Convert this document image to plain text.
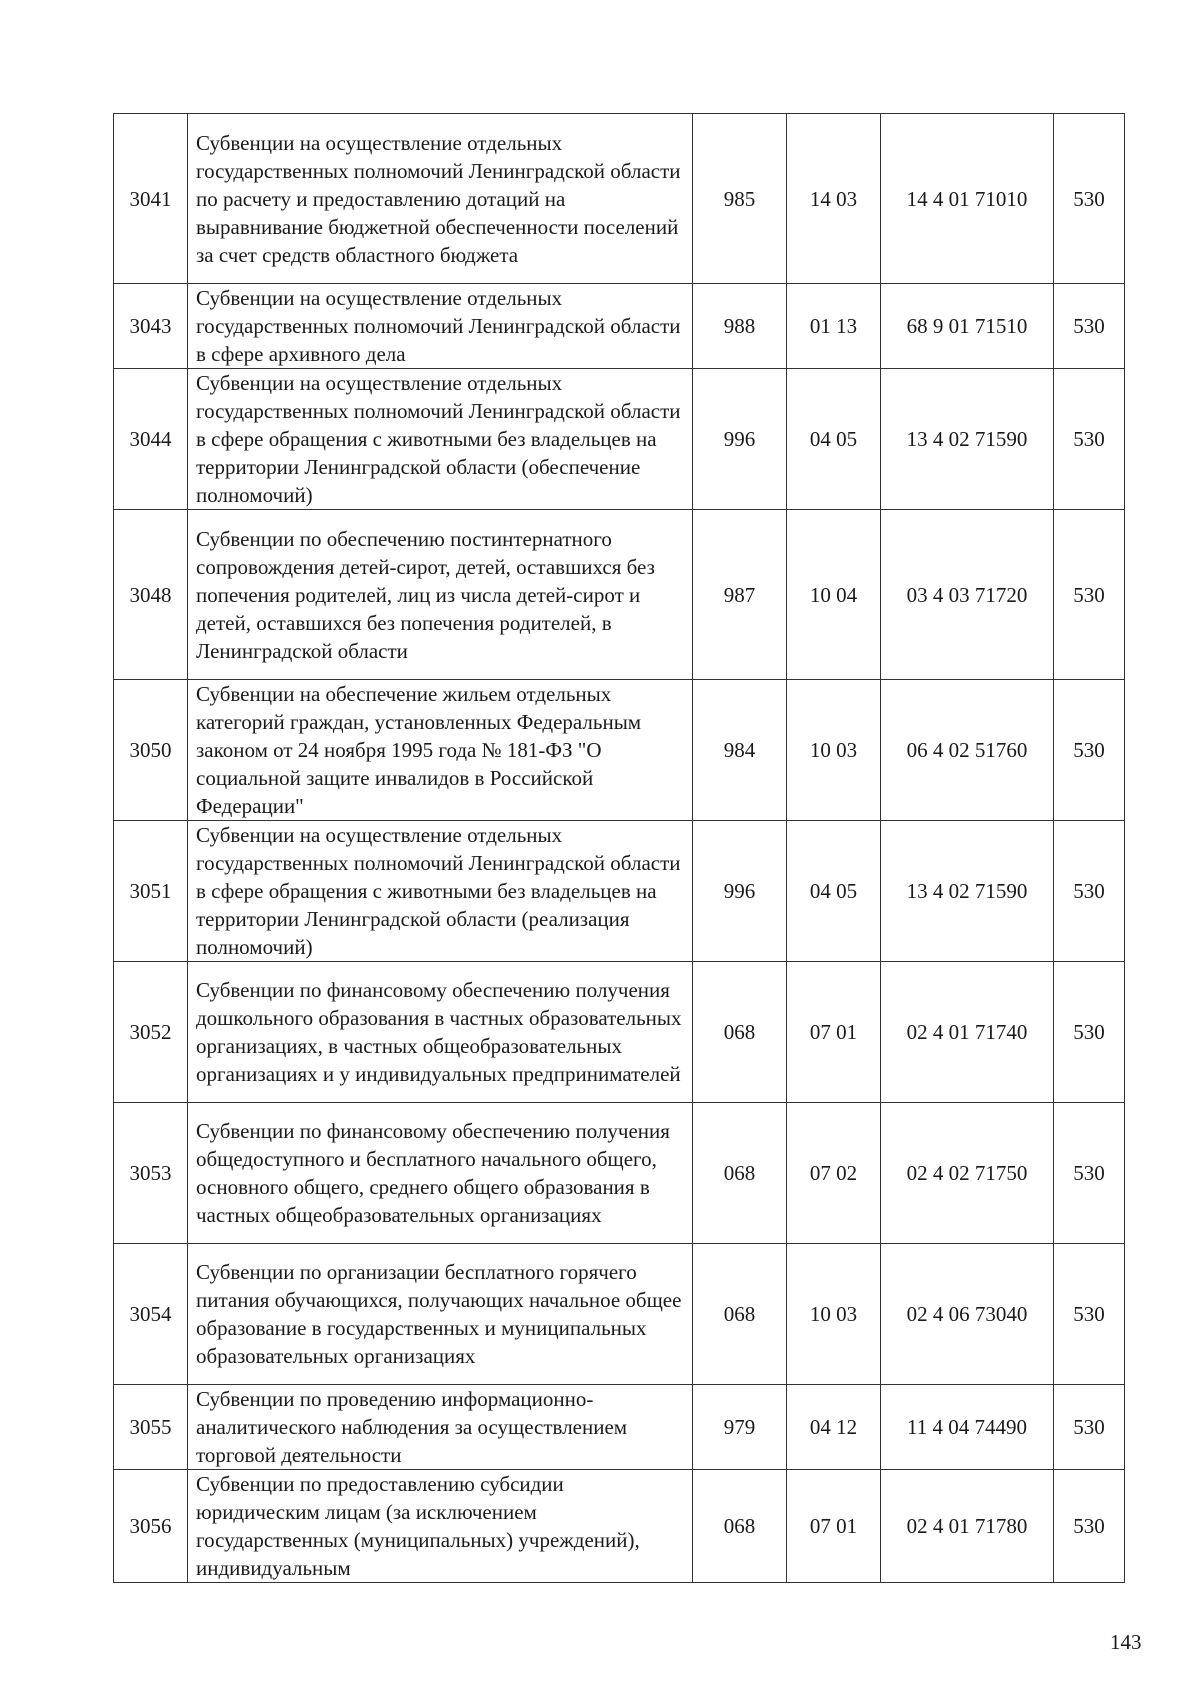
3041	Субвенции на осуществление отдельных государственных полномочий Ленинградской области по расчету и предоставлению дотаций на выравнивание бюджетной обеспеченности поселений за счет средств областного бюджета	985	14 03	14 4 01 71010	530
3043	Субвенции на осуществление отдельных государственных полномочий Ленинградской области в сфере архивного дела	988	01 13	68 9 01 71510	530
3044	Субвенции на осуществление отдельных государственных полномочий Ленинградской области в сфере обращения с животными без владельцев на территории Ленинградской области (обеспечение полномочий)	996	04 05	13 4 02 71590	530
3048	Субвенции по обеспечению постинтернатного сопровождения детей-сирот, детей, оставшихся без попечения родителей, лиц из числа детей-сирот и детей, оставшихся без попечения родителей, в Ленинградской области	987	10 04	03 4 03 71720	530
3050	Субвенции на обеспечение жильем отдельных категорий граждан, установленных Федеральным законом от 24 ноября 1995 года № 181-ФЗ "О социальной защите инвалидов в Российской Федерации"	984	10 03	06 4 02 51760	530
3051	Субвенции на осуществление отдельных государственных полномочий Ленинградской области в сфере обращения с животными без владельцев на территории Ленинградской области (реализация полномочий)	996	04 05	13 4 02 71590	530
3052	Субвенции по финансовому обеспечению получения дошкольного образования в частных образовательных организациях, в частных общеобразовательных организациях и у индивидуальных предпринимателей	068	07 01	02 4 01 71740	530
3053	Субвенции по финансовому обеспечению получения общедоступного и бесплатного начального общего, основного общего, среднего общего образования в частных общеобразовательных организациях	068	07 02	02 4 02 71750	530
3054	Субвенции по организации бесплатного горячего питания обучающихся, получающих начальное общее образование в государственных и муниципальных образовательных организациях	068	10 03	02 4 06 73040	530
3055	Субвенции по проведению информационно-аналитического наблюдения за осуществлением торговой деятельности	979	04 12	11 4 04 74490	530
3056	Субвенции по предоставлению субсидии юридическим лицам (за исключением государственных (муниципальных) учреждений), индивидуальным	068	07 01	02 4 01 71780	530
143
